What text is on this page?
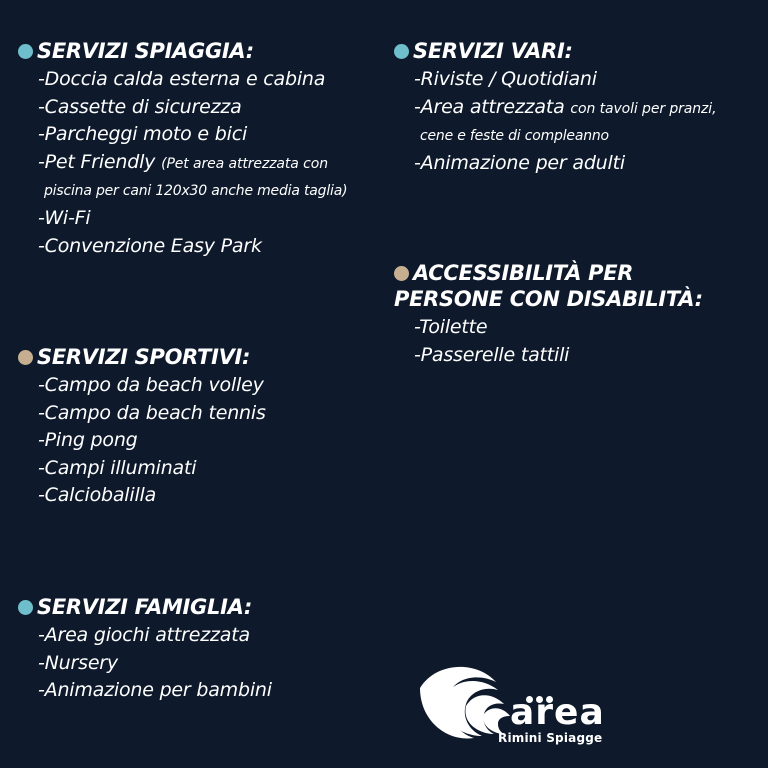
SERVIZI SPIAGGIA:
-Doccia calda esterna e cabina
-Cassette di sicurezza
-Parcheggi moto e bici
-Pet Friendly (Pet area attrezzata con
piscina per cani 120x30 anche media taglia)
-Wi-Fi
-Convenzione Easy Park
SERVIZI VARI:
-Riviste / Quotidiani
-Area attrezzata con tavoli per pranzi,
cene e feste di compleanno
-Animazione per adulti
ACCESSIBILITÀ PER
PERSONE CON DISABILITÀ:
-Toilette
-Passerelle tattili
SERVIZI SPORTIVI:
-Campo da beach volley
-Campo da beach tennis
-Ping pong
-Campi illuminati
-Calciobalilla
SERVIZI FAMIGLIA:
-Area giochi attrezzata
-Nursery
-Animazione per bambini
area
Rimini Spiagge
